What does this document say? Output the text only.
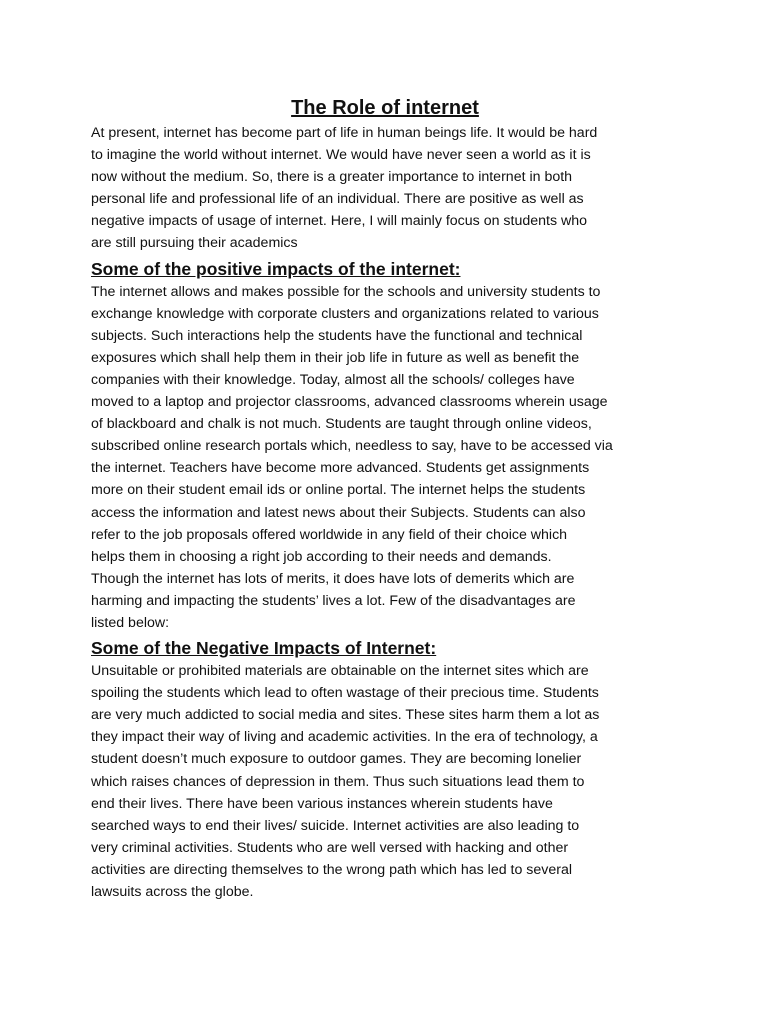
The Role of internet
At present, internet has become part of life in human beings life. It would be hard
to imagine the world without internet. We would have never seen a world as it is
now without the medium. So, there is a greater importance to internet in both
personal life and professional life of an individual. There are positive as well as
negative impacts of usage of internet. Here, I will mainly focus on students who
are still pursuing their academics
Some of the positive impacts of the internet:
The internet allows and makes possible for the schools and university students to
exchange knowledge with corporate clusters and organizations related to various
subjects. Such interactions help the students have the functional and technical
exposures which shall help them in their job life in future as well as benefit the
companies with their knowledge. Today, almost all the schools/ colleges have
moved to a laptop and projector classrooms, advanced classrooms wherein usage
of blackboard and chalk is not much. Students are taught through online videos,
subscribed online research portals which, needless to say, have to be accessed via
the internet. Teachers have become more advanced. Students get assignments
more on their student email ids or online portal. The internet helps the students
access the information and latest news about their Subjects. Students can also
refer to the job proposals offered worldwide in any field of their choice which
helps them in choosing a right job according to their needs and demands.
Though the internet has lots of merits, it does have lots of demerits which are
harming and impacting the students’ lives a lot. Few of the disadvantages are
listed below:
Some of the Negative Impacts of Internet:
Unsuitable or prohibited materials are obtainable on the internet sites which are
spoiling the students which lead to often wastage of their precious time. Students
are very much addicted to social media and sites. These sites harm them a lot as
they impact their way of living and academic activities. In the era of technology, a
student doesn’t much exposure to outdoor games. They are becoming lonelier
which raises chances of depression in them. Thus such situations lead them to
end their lives. There have been various instances wherein students have
searched ways to end their lives/ suicide. Internet activities are also leading to
very criminal activities. Students who are well versed with hacking and other
activities are directing themselves to the wrong path which has led to several
lawsuits across the globe.
